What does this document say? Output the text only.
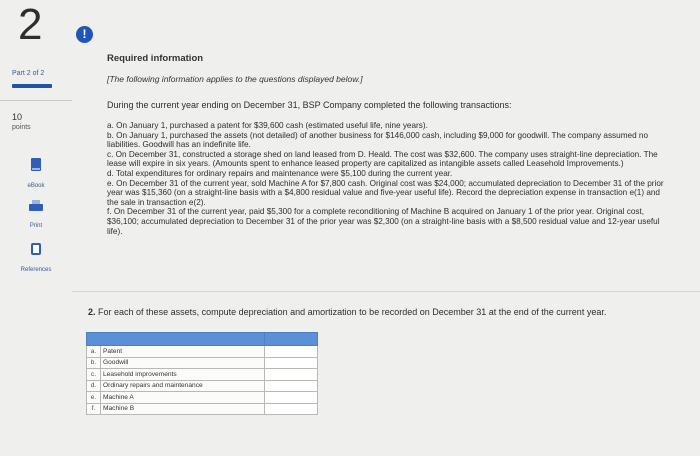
2	!
Part 2 of 2
10
points
eBook
Print
References
Required information
[The following information applies to the questions displayed below.]
During the current year ending on December 31, BSP Company completed the following transactions:

a. On January 1, purchased a patent for $39,600 cash (estimated useful life, nine years).

b. On January 1, purchased the assets (not detailed) of another business for $146,000 cash, including $9,000 for goodwill. The company assumed no liabilities. Goodwill has an indefinite life.

c. On December 31, constructed a storage shed on land leased from D. Heald. The cost was $32,600. The company uses straight-line depreciation. The lease will expire in six years. (Amounts spent to enhance leased property are capitalized as intangible assets called Leasehold Improvements.)

d. Total expenditures for ordinary repairs and maintenance were $5,100 during the current year.

e. On December 31 of the current year, sold Machine A for $7,800 cash. Original cost was $24,000; accumulated depreciation to December 31 of the prior year was $15,360 (on a straight-line basis with a $4,800 residual value and five-year useful life). Record the depreciation expense in transaction e(1) and the sale in transaction e(2).

f. On December 31 of the current year, paid $5,300 for a complete reconditioning of Machine B acquired on January 1 of the prior year. Original cost, $36,100; accumulated depreciation to December 31 of the prior year was $2,300 (on a straight-line basis with a $8,500 residual value and 12-year useful life).

2. For each of these assets, compute depreciation and amortization to be recorded on December 31 at the end of the current year.

a.	Patent	
b.	Goodwill	
c.	Leasehold improvements	
d.	Ordinary repairs and maintenance	
e.	Machine A	
f.	Machine B	
